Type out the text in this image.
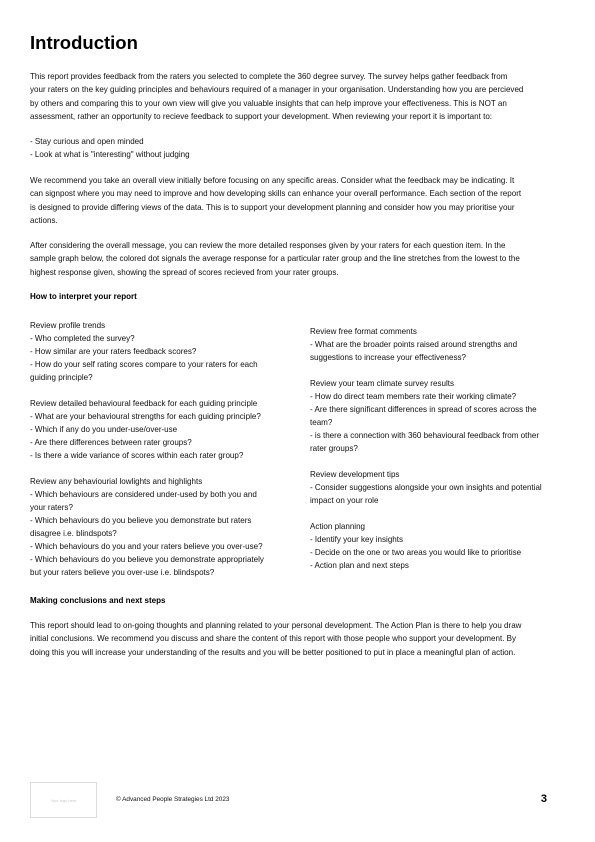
Introduction
This report provides feedback from the raters you selected to complete the 360 degree survey. The survey helps gather feedback from
your raters on the key guiding principles and behaviours required of a manager in your organisation. Understanding how you are percieved
by others and comparing this to your own view will give you valuable insights that can help improve your effectiveness. This is NOT an
assessment, rather an opportunity to recieve feedback to support your development. When reviewing your report it is important to:
- Stay curious and open minded
- Look at what is "interesting" without judging
We recommend you take an overall view initially before focusing on any specific areas. Consider what the feedback may be indicating. It
can signpost where you may need to improve and how developing skills can enhance your overall performance. Each section of the report
is designed to provide differing views of the data. This is to support your development planning and consider how you may prioritise your
actions.
After considering the overall message, you can review the more detailed responses given by your raters for each question item. In the
sample graph below, the colored dot signals the average response for a particular rater group and the line stretches from the lowest to the
highest response given, showing the spread of scores recieved from your rater groups.

How to interpret your report

Review profile trends
- Who completed the survey?
- How similar are your raters feedback scores?
- How do your self rating scores compare to your raters for each
guiding principle?
Review detailed behavioural feedback for each guiding principle
- What are your behavioural strengths for each guiding principle?
- Which if any do you under-use/over-use
- Are there differences between rater groups?
- Is there a wide variance of scores within each rater group?
Review any behaviourial lowlights and highlights
- Which behaviours are considered under-used by both you and
your raters?
- Which behaviours do you believe you demonstrate but raters
disagree i.e. blindspots?
- Which behaviours do you and your raters believe you over-use?
- Which behaviours do you believe you demonstrate appropriately
but your raters believe you over-use i.e. blindspots?
Review free format comments
- What are the broader points raised around strengths and
suggestions to increase your effectiveness?
Review your team climate survey results
- How do direct team members rate their working climate?
- Are there significant differences in spread of scores across the
team?
- is there a connection with 360 behavioural feedback from other
rater groups?
Review development tips
- Consider suggestions alongside your own insights and potential
impact on your role
Action planning
- Identify your key insights
- Decide on the one or two areas you would like to prioritise
- Action plan and next steps

Making conclusions and next steps

This report should lead to on-going thoughts and planning related to your personal development. The Action Plan is there to help you draw
initial conclusions. We recommend you discuss and share the content of this report with those people who support your development. By
doing this you will increase your understanding of the results and you will be better positioned to put in place a meaningful plan of action.
Your logo here	© Advanced People Strategies Ltd 2023	3
